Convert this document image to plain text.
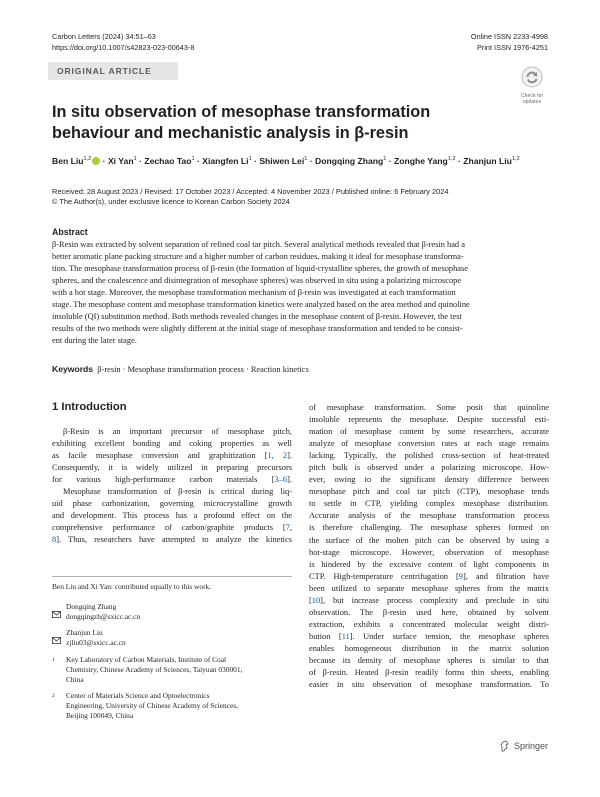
Carbon Letters (2024) 34:51–63
https://doi.org/10.1007/s42823-023-00643-8
Online ISSN 2233-4998
Print ISSN 1976-4251
ORIGINAL ARTICLE
Check for
updates
In situ observation of mesophase transformation behaviour and mechanistic analysis in β-resin
Ben Liu$^{1,2}$ · Xi Yan$^1$ · Zechao Tao$^1$ · Xiangfen $Li^1$ · Shiwen Lei$^1$ · Dongqing Zhang$^1$ · Zonghe Yang$^{1,2}$ · Zhanjun Liu$^{1,2}$
Received: 28 August 2023 / Revised: 17 October 2023 / Accepted: 4 November 2023 / Published online: 6 February 2024
© The Author(s), under exclusive licence to Korean Carbon Society 2024
Abstract
β-Resin was extracted by solvent separation of refined coal tar pitch. Several analytical methods revealed that β-resin had a
better aromatic plane packing structure and a higher number of carbon residues, making it ideal for mesophase transforma-
tion. The mesophase transformation process of β-resin (the formation of liquid-crystalline spheres, the growth of mesophase
spheres, and the coalescence and disintegration of mesophase spheres) was observed in situ using a polarizing microscope
with a hot stage. Moreover, the mesophase transformation mechanism of β-resin was investigated at each transformation
stage. The mesophase content and mesophase transformation kinetics were analyzed based on the area method and quinoline
insoluble (QI) substitution method. Both methods revealed changes in the mesophase content of β-resin. However, the test
results of the two methods were slightly different at the initial stage of mesophase transformation and tended to be consist-
ent during the later stage.
Keywords β-resin · Mesophase transformation process · Reaction kinetics
1 Introduction
β-Resin is an important precursor of mesophase pitch,
exhibiting excellent bonding and coking properties as well
as facile mesophase conversion and graphitization [1, 2].
Consequently, it is widely utilized in preparing precursors
for various high-performance carbon materials [3–6].
Mesophase transformation of β-resin is critical during liq-
uid phase carbonization, governing microcrystalline growth
and development. This process has a profound effect on the
comprehensive performance of carbon/graphite products [7,
8]. Thus, researchers have attempted to analyze the kinetics
of mesophase transformation. Some posit that quinoline
insoluble represents the mesophase. Despite successful esti-
mation of mesophase content by some researchers, accurate
analyze of mesophase conversion rates at each stage remains
lacking. Typically, the polished cross-section of heat-treated
pitch bulk is observed under a polarizing microscope. How-
ever, owing to the significant density difference between
mesophase pitch and coal tar pitch (CTP), mesophase tends
to settle in CTP, yielding complex mesophase distribution.
Accurate analysis of the mesophase transformation process
is therefore challenging. The mesophase spheres formed on
the surface of the molten pitch can be observed by using a
hot-stage microscope. However, observation of mesophase
is hindered by the excessive content of light components in
CTP. High-temperature centrifugation [9], and filtration have
been utilized to separate mesophase spheres from the matrix
[10], but increase process complexity and preclude in situ
observation. The β-resin used here, obtained by solvent
extraction, exhibits a concentrated molecular weight distri-
bution [11]. Under surface tension, the mesophase spheres
enables homogeneous distribution in the matrix solution
because its density of mesophase spheres is similar to that
of β-resin. Heated β-resin readily forms thin sheets, enabling
easier in situ observation of mesophase transformation. To
Ben Liu and Xi Yan: contributed equally to this work.
Dongqing Zhang
dongqingzh@sxicc.ac.cn
Zhanjun Liu
zjliu03@sxicc.ac.cn
1 Key Laboratory of Carbon Materials, Institute of Coal
Chemistry, Chinese Academy of Sciences, Taiyuan 030001,
China
2 Center of Materials Science and Optoelectronics
Engineering, University of Chinese Academy of Sciences,
Beijing 100049, China
Springer
